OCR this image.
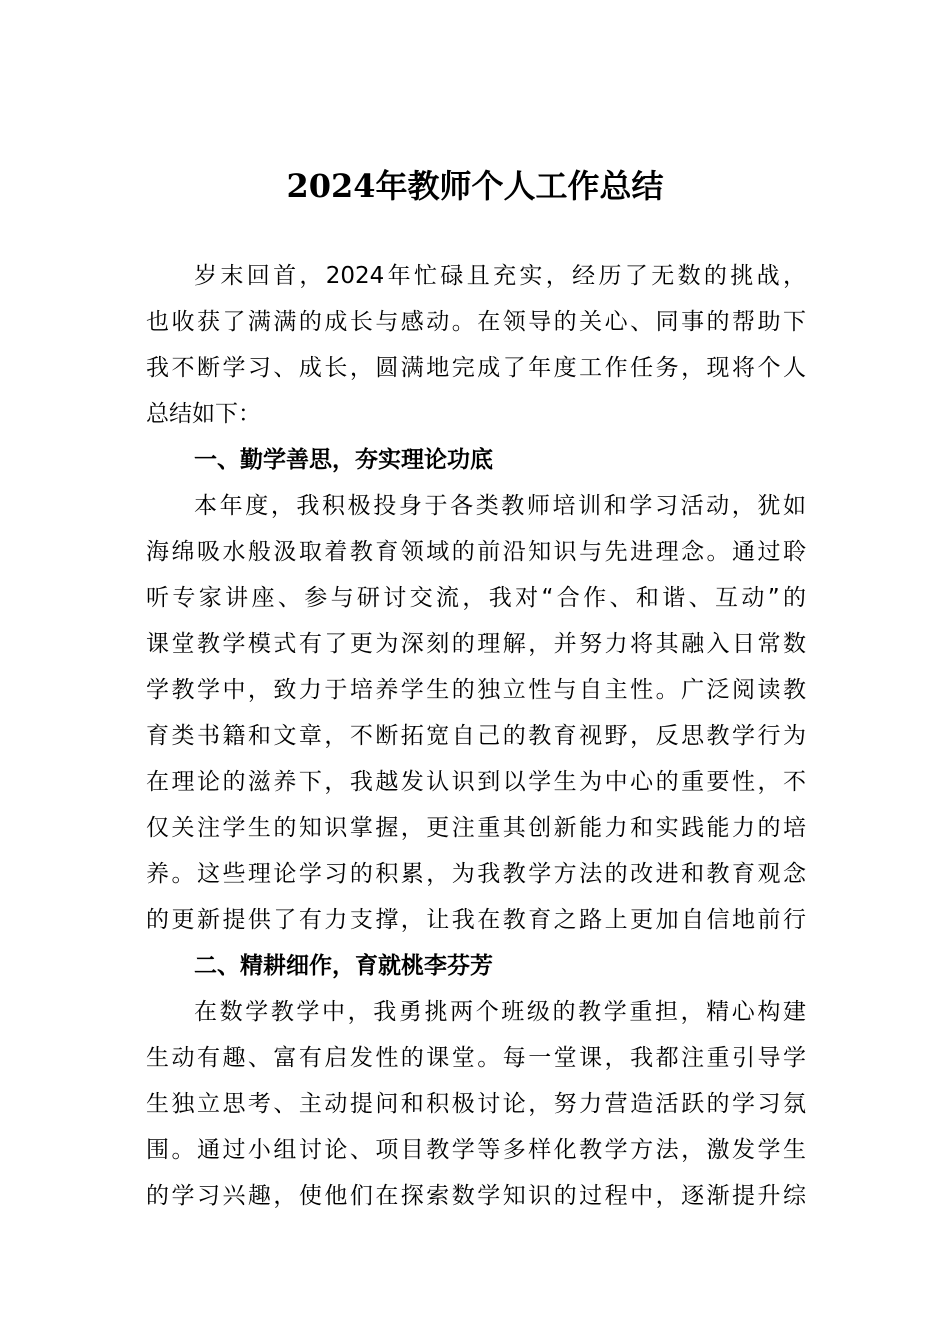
2024年教师个人工作总结
岁末回首，2024年忙碌且充实，经历了无数的挑战，
也收获了满满的成长与感动。在领导的关心、同事的帮助下
我不断学习、成长，圆满地完成了年度工作任务，现将个人
总结如下：
一、勤学善思，夯实理论功底
本年度，我积极投身于各类教师培训和学习活动，犹如
海绵吸水般汲取着教育领域的前沿知识与先进理念。通过聆
听专家讲座、参与研讨交流，我对“合作、和谐、互动”的
课堂教学模式有了更为深刻的理解，并努力将其融入日常数
学教学中，致力于培养学生的独立性与自主性。广泛阅读教
育类书籍和文章，不断拓宽自己的教育视野，反思教学行为
在理论的滋养下，我越发认识到以学生为中心的重要性，不
仅关注学生的知识掌握，更注重其创新能力和实践能力的培
养。这些理论学习的积累，为我教学方法的改进和教育观念
的更新提供了有力支撑，让我在教育之路上更加自信地前行
二、精耕细作，育就桃李芬芳
在数学教学中，我勇挑两个班级的教学重担，精心构建
生动有趣、富有启发性的课堂。每一堂课，我都注重引导学
生独立思考、主动提问和积极讨论，努力营造活跃的学习氛
围。通过小组讨论、项目教学等多样化教学方法，激发学生
的学习兴趣，使他们在探索数学知识的过程中，逐渐提升综
